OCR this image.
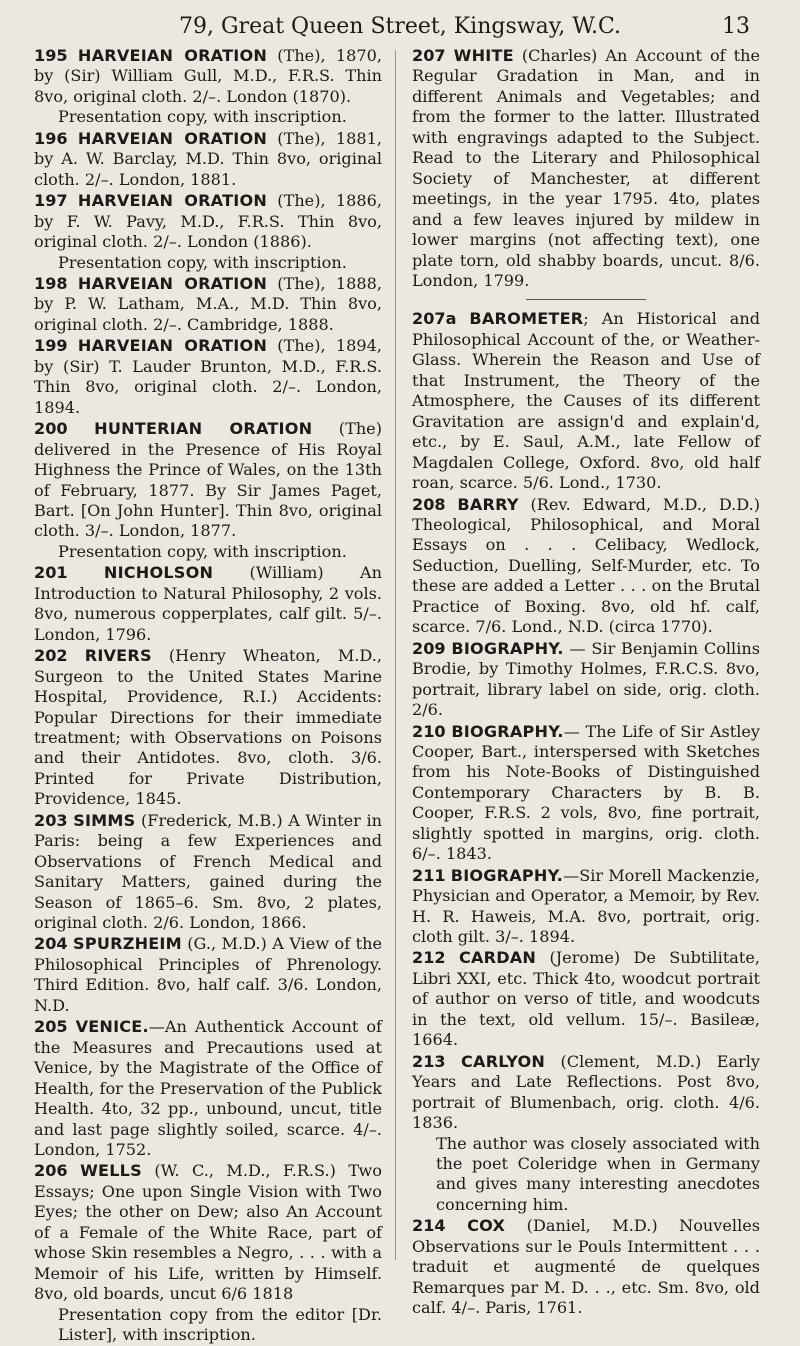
79, Great Queen Street, Kingsway, W.C.	13

195 HARVEIAN ORATION (The), 1870, by (Sir) William Gull, M.D., F.R.S. Thin 8vo, original cloth. 2/–. London (1870).
Presentation copy, with inscription.

196 HARVEIAN ORATION (The), 1881, by A. W. Barclay, M.D. Thin 8vo, original cloth. 2/–. London, 1881.

197 HARVEIAN ORATION (The), 1886, by F. W. Pavy, M.D., F.R.S. Thin 8vo, original cloth. 2/–. London (1886).
Presentation copy, with inscription.

198 HARVEIAN ORATION (The), 1888, by P. W. Latham, M.A., M.D. Thin 8vo, original cloth. 2/–. Cambridge, 1888.

199 HARVEIAN ORATION (The), 1894, by (Sir) T. Lauder Brunton, M.D., F.R.S. Thin 8vo, original cloth. 2/–. London, 1894.

200 HUNTERIAN ORATION (The) delivered in the Presence of His Royal Highness the Prince of Wales, on the 13th of February, 1877. By Sir James Paget, Bart. [On John Hunter]. Thin 8vo, original cloth. 3/–. London, 1877.
Presentation copy, with inscription.

201 NICHOLSON (William) An Introduction to Natural Philosophy, 2 vols. 8vo, numerous copperplates, calf gilt. 5/–. London, 1796.

202 RIVERS (Henry Wheaton, M.D., Surgeon to the United States Marine Hospital, Providence, R.I.) Accidents: Popular Directions for their immediate treatment; with Observations on Poisons and their Antidotes. 8vo, cloth. 3/6. Printed for Private Distribution, Providence, 1845.

203 SIMMS (Frederick, M.B.) A Winter in Paris: being a few Experiences and Observations of French Medical and Sanitary Matters, gained during the Season of 1865–6. Sm. 8vo, 2 plates, original cloth. 2/6. London, 1866.

204 SPURZHEIM (G., M.D.) A View of the Philosophical Principles of Phrenology. Third Edition. 8vo, half calf. 3/6. London, N.D.

205 VENICE.—An Authentick Account of the Measures and Precautions used at Venice, by the Magistrate of the Office of Health, for the Preservation of the Publick Health. 4to, 32 pp., unbound, uncut, title and last page slightly soiled, scarce. 4/–. London, 1752.

206 WELLS (W. C., M.D., F.R.S.) Two Essays; One upon Single Vision with Two Eyes; the other on Dew; also An Account of a Female of the White Race, part of whose Skin resembles a Negro, . . . with a Memoir of his Life, written by Himself. 8vo, old boards, uncut 6/6 1818
Presentation copy from the editor [Dr. Lister], with inscription.

207 WHITE (Charles) An Account of the Regular Gradation in Man, and in different Animals and Vegetables; and from the former to the latter. Illustrated with engravings adapted to the Subject. Read to the Literary and Philosophical Society of Manchester, at different meetings, in the year 1795. 4to, plates and a few leaves injured by mildew in lower margins (not affecting text), one plate torn, old shabby boards, uncut. 8/6. London, 1799.

207a BAROMETER; An Historical and Philosophical Account of the, or Weather-Glass. Wherein the Reason and Use of that Instrument, the Theory of the Atmosphere, the Causes of its different Gravitation are assign'd and explain'd, etc., by E. Saul, A.M., late Fellow of Magdalen College, Oxford. 8vo, old half roan, scarce. 5/6. Lond., 1730.

208 BARRY (Rev. Edward, M.D., D.D.) Theological, Philosophical, and Moral Essays on . . . Celibacy, Wedlock, Seduction, Duelling, Self-Murder, etc. To these are added a Letter . . . on the Brutal Practice of Boxing. 8vo, old hf. calf, scarce. 7/6. Lond., N.D. (circa 1770).

209 BIOGRAPHY. — Sir Benjamin Collins Brodie, by Timothy Holmes, F.R.C.S. 8vo, portrait, library label on side, orig. cloth. 2/6.

210 BIOGRAPHY.— The Life of Sir Astley Cooper, Bart., interspersed with Sketches from his Note-Books of Distinguished Contemporary Characters by B. B. Cooper, F.R.S. 2 vols, 8vo, fine portrait, slightly spotted in margins, orig. cloth. 6/–. 1843.

211 BIOGRAPHY.—Sir Morell Mackenzie, Physician and Operator, a Memoir, by Rev. H. R. Haweis, M.A. 8vo, portrait, orig. cloth gilt. 3/–. 1894.

212 CARDAN (Jerome) De Subtilitate, Libri XXI, etc. Thick 4to, woodcut portrait of author on verso of title, and woodcuts in the text, old vellum. 15/–. Basileæ, 1664.

213 CARLYON (Clement, M.D.) Early Years and Late Reflections. Post 8vo, portrait of Blumenbach, orig. cloth. 4/6. 1836.
The author was closely associated with the poet Coleridge when in Germany and gives many interesting anecdotes concerning him.

214 COX (Daniel, M.D.) Nouvelles Observations sur le Pouls Intermittent . . . traduit et augmenté de quelques Remarques par M. D. . ., etc. Sm. 8vo, old calf. 4/–. Paris, 1761.
